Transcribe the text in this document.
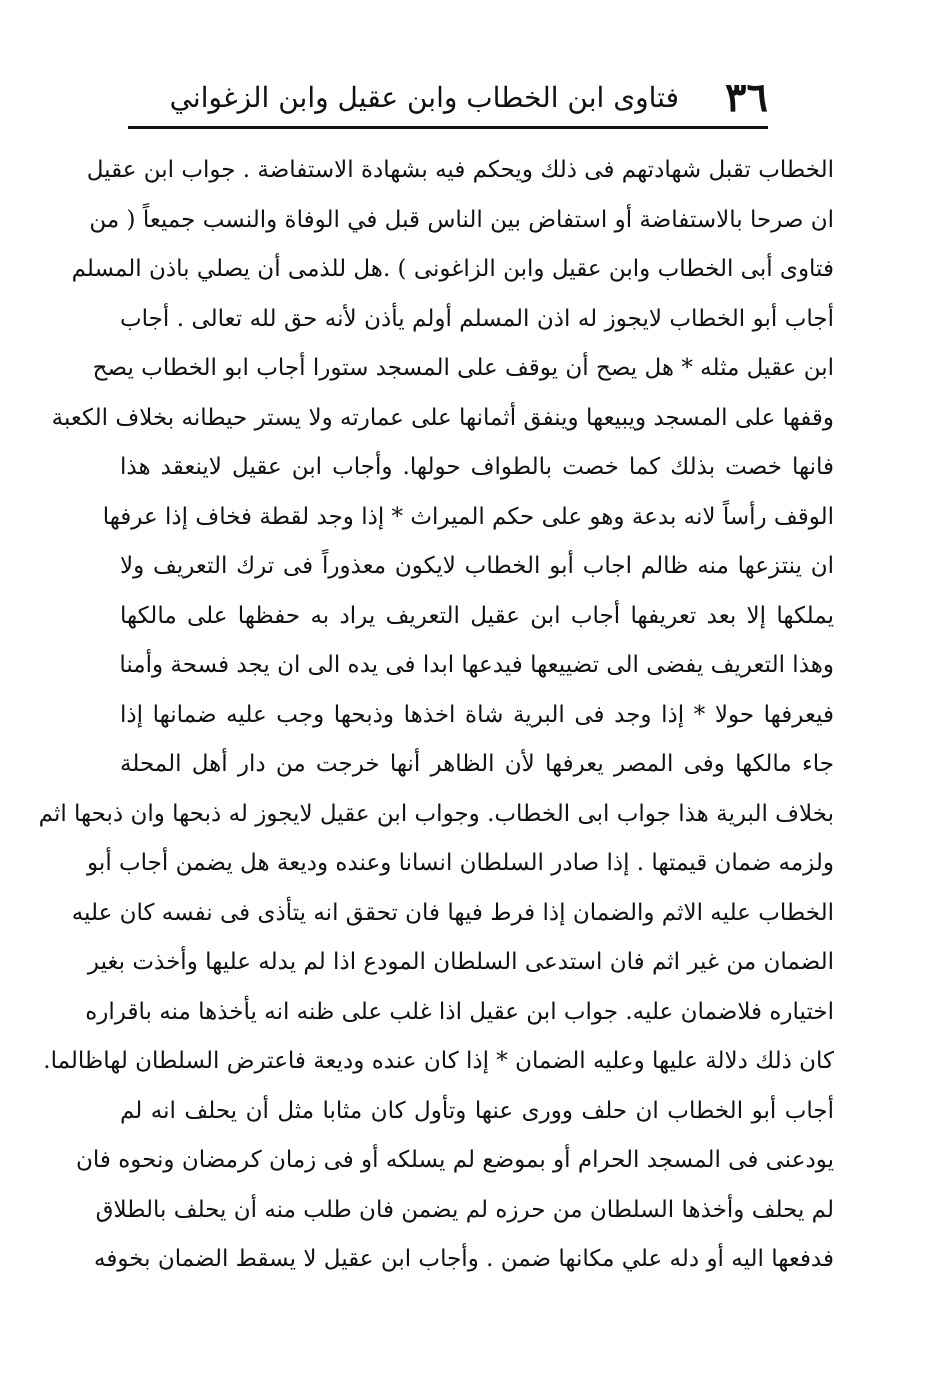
٣٦
فتاوى ابن الخطاب وابن عقيل وابن الزغواني
الخطاب تقبل شهادتهم فى ذلك ويحكم فيه بشهادة الاستفاضة . جواب ابن عقيل
ان صرحا بالاستفاضة أو استفاض بين الناس قبل في الوفاة والنسب جميعاً ( من
فتاوى أبى الخطاب وابن عقيل وابن الزاغونى ) .هل للذمى أن يصلي باذن المسلم
أجاب أبو الخطاب لايجوز له اذن المسلم أولم يأذن لأنه حق لله تعالى . أجاب
ابن عقيل مثله * هل يصح أن يوقف على المسجد ستورا أجاب ابو الخطاب يصح
وقفها على المسجد ويبيعها وينفق أثمانها على عمارته ولا يستر حيطانه بخلاف الكعبة
فانها خصت بذلك كما خصت بالطواف حولها. وأجاب ابن عقيل لاينعقد هذا
الوقف رأساً لانه بدعة وهو على حكم الميراث * إذا وجد لقطة فخاف إذا عرفها
ان ينتزعها منه ظالم اجاب أبو الخطاب لايكون معذوراً فى ترك التعريف ولا
يملكها إلا بعد تعريفها أجاب ابن عقيل التعريف يراد به حفظها على مالكها
وهذا التعريف يفضى الى تضييعها فيدعها ابدا فى يده الى ان يجد فسحة وأمنا
فيعرفها حولا * إذا وجد فى البرية شاة اخذها وذبحها وجب عليه ضمانها إذا
جاء مالكها وفى المصر يعرفها لأن الظاهر أنها خرجت من دار أهل المحلة
بخلاف البرية هذا جواب ابى الخطاب. وجواب ابن عقيل لايجوز له ذبحها وان ذبحها اثم
ولزمه ضمان قيمتها . إذا صادر السلطان انسانا وعنده وديعة هل يضمن أجاب أبو
الخطاب عليه الاثم والضمان إذا فرط فيها فان تحقق انه يتأذى فى نفسه كان عليه
الضمان من غير اثم فان استدعى السلطان المودع اذا لم يدله عليها وأخذت بغير
اختياره فلاضمان عليه. جواب ابن عقيل اذا غلب على ظنه انه يأخذها منه باقراره
كان ذلك دلالة عليها وعليه الضمان * إذا كان عنده وديعة فاعترض السلطان لهاظالما.
أجاب أبو الخطاب ان حلف وورى عنها وتأول كان مثابا مثل أن يحلف انه لم
يودعنى فى المسجد الحرام أو بموضع لم يسلكه أو فى زمان كرمضان ونحوه فان
لم يحلف وأخذها السلطان من حرزه لم يضمن فان طلب منه أن يحلف بالطلاق
فدفعها اليه أو دله علي مكانها ضمن . وأجاب ابن عقيل لا يسقط الضمان بخوفه
